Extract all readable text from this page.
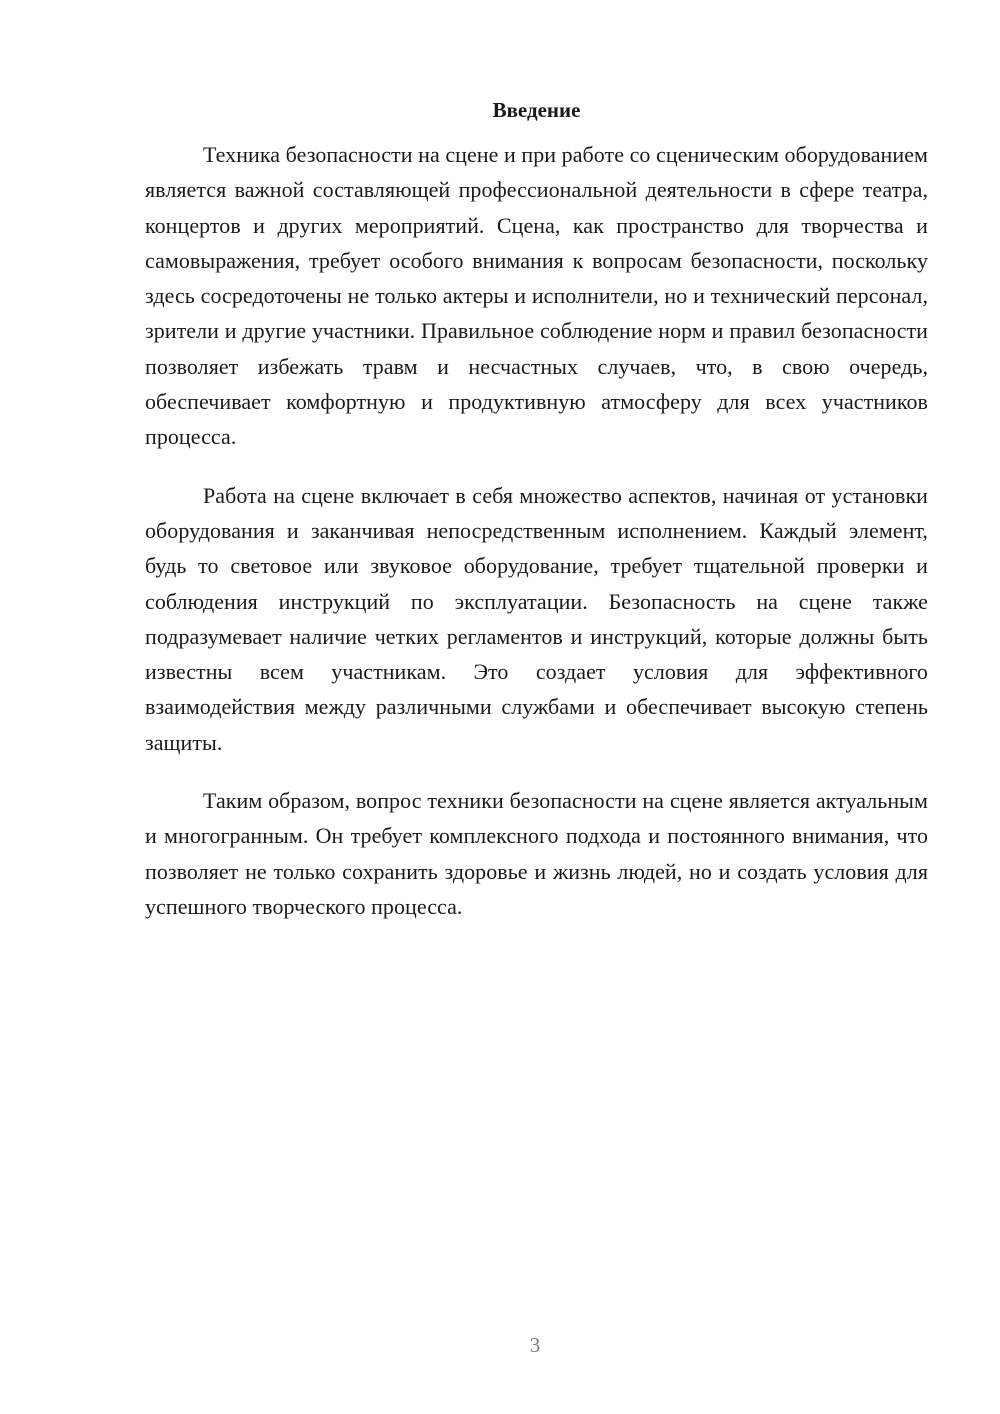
Введение

Техника безопасности на сцене и при работе со сценическим оборудованием является важной составляющей профессиональной деятельности в сфере театра, концертов и других мероприятий. Сцена, как пространство для творчества и самовыражения, требует особого внимания к вопросам безопасности, поскольку здесь сосредоточены не только актеры и исполнители, но и технический персонал, зрители и другие участники. Правильное соблюдение норм и правил безопасности позволяет избежать травм и несчастных случаев, что, в свою очередь, обеспечивает комфортную и продуктивную атмосферу для всех участников процесса.

Работа на сцене включает в себя множество аспектов, начиная от установки оборудования и заканчивая непосредственным исполнением. Каждый элемент, будь то световое или звуковое оборудование, требует тщательной проверки и соблюдения инструкций по эксплуатации. Безопасность на сцене также подразумевает наличие четких регламентов и инструкций, которые должны быть известны всем участникам. Это создает условия для эффективного взаимодействия между различными службами и обеспечивает высокую степень защиты.

Таким образом, вопрос техники безопасности на сцене является актуальным и многогранным. Он требует комплексного подхода и постоянного внимания, что позволяет не только сохранить здоровье и жизнь людей, но и создать условия для успешного творческого процесса.

3
